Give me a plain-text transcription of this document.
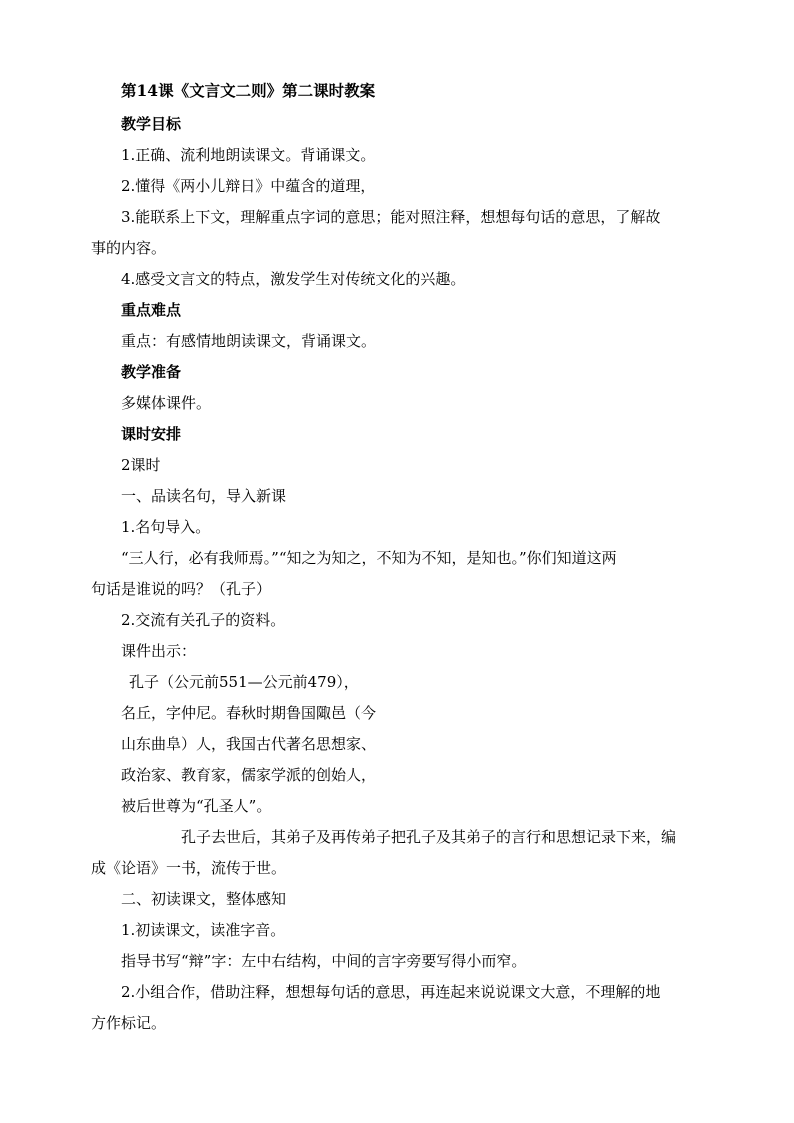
第14课《文言文二则》第二课时教案
教学目标
1.正确、流利地朗读课文。背诵课文。
2.懂得《两小儿辩日》中蕴含的道理，
3.能联系上下文，理解重点字词的意思；能对照注释，想想每句话的意思，了解故
事的内容。
4.感受文言文的特点，激发学生对传统文化的兴趣。
重点难点
重点：有感情地朗读课文，背诵课文。
教学准备
多媒体课件。
课时安排
2课时
一、品读名句，导入新课
1.名句导入。
“三人行，必有我师焉。”“知之为知之，不知为不知，是知也。”你们知道这两
句话是谁说的吗？（孔子）
2.交流有关孔子的资料。
课件出示：
孔子（公元前551—公元前479），
名丘，字仲尼。春秋时期鲁国陬邑（今
山东曲阜）人，我国古代著名思想家、
政治家、教育家，儒家学派的创始人，
被后世尊为“孔圣人”。
孔子去世后，其弟子及再传弟子把孔子及其弟子的言行和思想记录下来，编
成《论语》一书，流传于世。
二、初读课文，整体感知
1.初读课文，读准字音。
指导书写“辩”字：左中右结构，中间的言字旁要写得小而窄。
2.小组合作，借助注释，想想每句话的意思，再连起来说说课文大意，不理解的地
方作标记。
